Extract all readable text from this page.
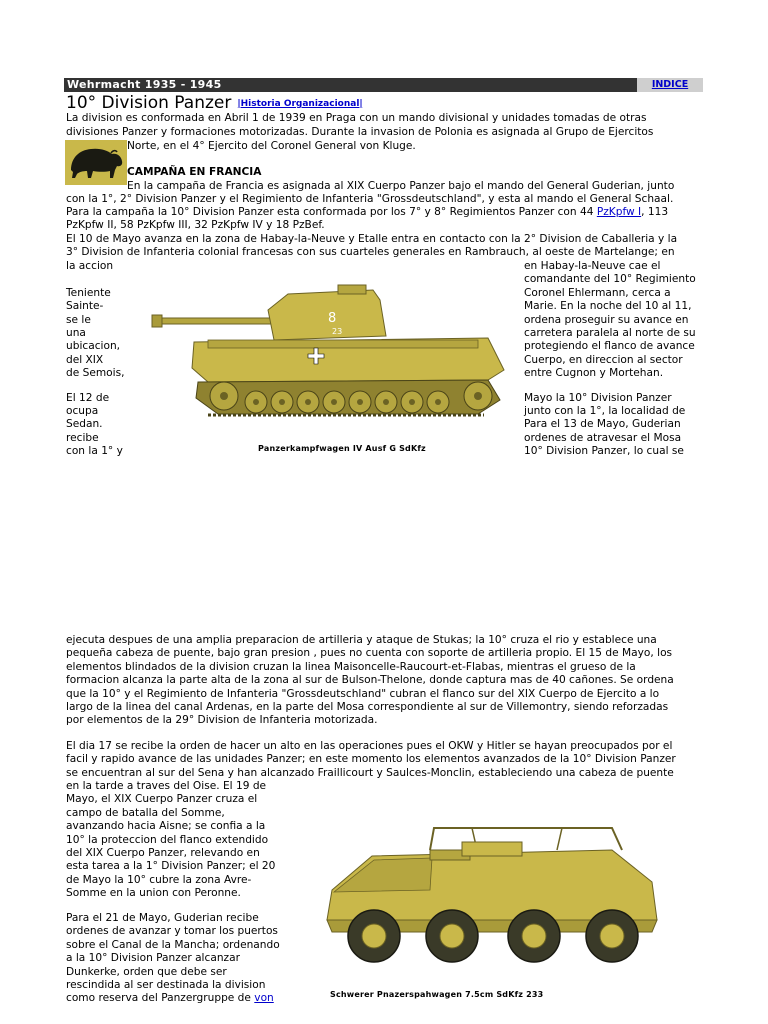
Wehrmacht 1935 - 1945	INDICE
10° Division Panzer |Historia Organizacional|
La division es conformada en Abril 1 de 1939 en Praga con un mando divisional y unidades tomadas de otras
divisiones Panzer y formaciones motorizadas. Durante la invasion de Polonia es asignada al Grupo de Ejercitos
Norte, en el 4° Ejercito del Coronel General von Kluge.
CAMPAÑA EN FRANCIA
En la campaña de Francia es asignada al XIX Cuerpo Panzer bajo el mando del General Guderian, junto
con la 1°, 2° Division Panzer y el Regimiento de Infanteria "Grossdeutschland", y esta al mando el General Schaal.
Para la campaña la 10° Division Panzer esta conformada por los 7° y 8° Regimientos Panzer con 44 PzKpfw I, 113
PzKpfw II, 58 PzKpfw III, 32 PzKpfw IV y 18 PzBef.
El 10 de Mayo avanza en la zona de Habay-la-Neuve y Etalle entra en contacto con la 2° Division de Caballeria y la
3° Division de Infanteria colonial francesas con sus cuarteles generales en Rambrauch, al oeste de Martelange; en
la accion
Teniente
Sainte-
se le
una
ubicacion,
del XIX
de Semois,
El 12 de
ocupa
Sedan.
recibe
con la 1° y
en Habay-la-Neuve cae el
comandante del 10° Regimiento
Coronel Ehlermann, cerca a
Marie. En la noche del 10 al 11,
ordena proseguir su avance en
carretera paralela al norte de su
protegiendo el flanco de avance
Cuerpo, en direccion al sector
entre Cugnon y Mortehan.
Mayo la 10° Division Panzer
junto con la 1°, la localidad de
Para el 13 de Mayo, Guderian
ordenes de atravesar el Mosa
10° Division Panzer, lo cual se
8
23
Panzerkampfwagen IV Ausf G SdKfz
ejecuta despues de una amplia preparacion de artilleria y ataque de Stukas; la 10° cruza el rio y establece una
pequeña cabeza de puente, bajo gran presion , pues no cuenta con soporte de artilleria propio. El 15 de Mayo, los
elementos blindados de la division cruzan la linea Maisoncelle-Raucourt-et-Flabas, mientras el grueso de la
formacion alcanza la parte alta de la zona al sur de Bulson-Thelone, donde captura mas de 40 cañones. Se ordena
que la 10° y el Regimiento de Infanteria "Grossdeutschland" cubran el flanco sur del XIX Cuerpo de Ejercito a lo
largo de la linea del canal Ardenas, en la parte del Mosa correspondiente al sur de Villemontry, siendo reforzadas
por elementos de la 29° Division de Infanteria motorizada.
El dia 17 se recibe la orden de hacer un alto en las operaciones pues el OKW y Hitler se hayan preocupados por el
facil y rapido avance de las unidades Panzer; en este momento los elementos avanzados de la 10° Division Panzer
se encuentran al sur del Sena y han alcanzado Fraillicourt y Saulces-Monclin, estableciendo una cabeza de puente
en la tarde a traves del Oise. El 19 de
Mayo, el XIX Cuerpo Panzer cruza el
campo de batalla del Somme,
avanzando hacia Aisne; se confia a la
10° la proteccion del flanco extendido
del XIX Cuerpo Panzer, relevando en
esta tarea a la 1° Division Panzer; el 20
de Mayo la 10° cubre la zona Avre-
Somme en la union con Peronne.
Para el 21 de Mayo, Guderian recibe
ordenes de avanzar y tomar los puertos
sobre el Canal de la Mancha; ordenando
a la 10° Division Panzer alcanzar
Dunkerke, orden que debe ser
rescindida al ser destinada la division
como reserva del Panzergruppe de von	Schwerer Pnazerspahwagen 7.5cm SdKfz 233
